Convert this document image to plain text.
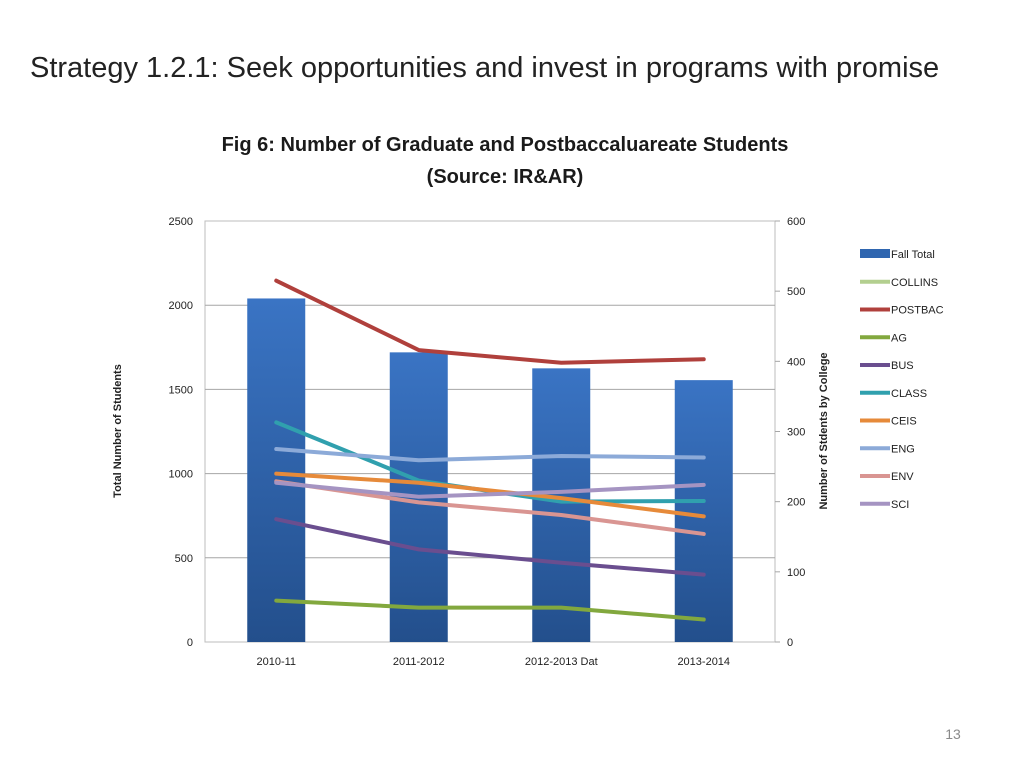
Strategy 1.2.1: Seek opportunities and invest in programs with promise
Fig 6: Number of Graduate and Postbaccaluareate Students
(Source: IR&AR)
0
500
1000
1500
2000
2500
0
100
200
300
400
500
600
2010-11	2011-2012	2012-2013 Dat	2013-2014
Total Number of Students	Number of Stdents by College
Fall Total
COLLINS
POSTBAC
AG
BUS
CLASS
CEIS
ENG
ENV
SCI
13
